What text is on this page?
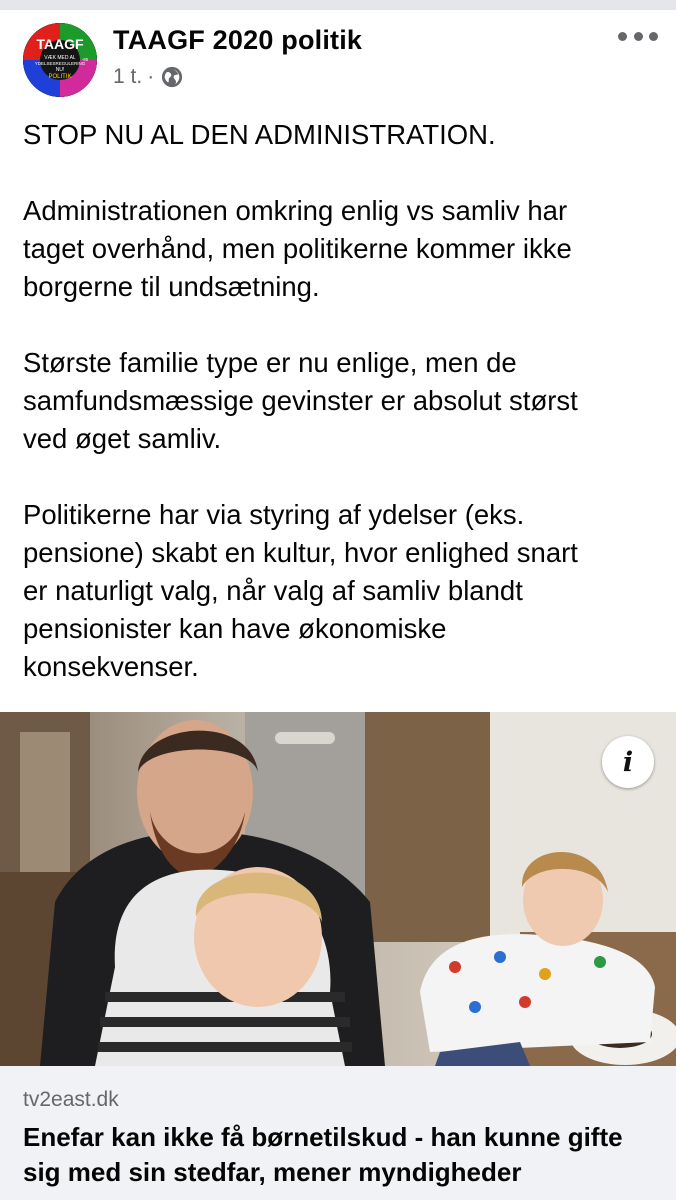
TAAGF
VÆK MED AL
YDELSESREGULERING
NU!
POLITIK
-95
TAAGF 2020 politik
1 t. ·

STOP NU AL DEN ADMINISTRATION.

Administrationen omkring enlig vs samliv har
taget overhånd, men politikerne kommer ikke
borgerne til undsætning.

Største familie type er nu enlige, men de
samfundsmæssige gevinster er absolut størst
ved øget samliv.

Politikerne har via styring af ydelser (eks.
pensione) skabt en kultur, hvor enlighed snart
er naturligt valg, når valg af samliv blandt
pensionister kan have økonomiske
konsekvenser.

i
tv2east.dk
Enefar kan ikke få børnetilskud - han kunne gifte sig med sin stedfar, mener myndigheder
